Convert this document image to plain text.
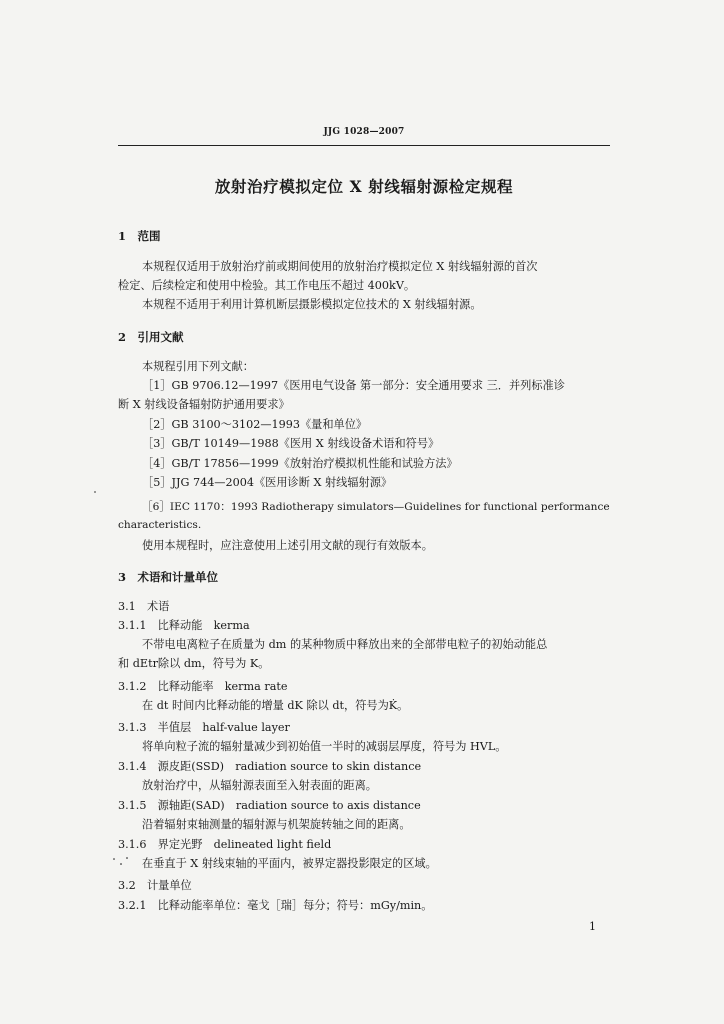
JJG 1028—2007
放射治疗模拟定位 X 射线辐射源检定规程
1　范围
本规程仅适用于放射治疗前或期间使用的放射治疗模拟定位 X 射线辐射源的首次
检定、后续检定和使用中检验。其工作电压不超过 400kV。
本规程不适用于利用计算机断层摄影模拟定位技术的 X 射线辐射源。
2　引用文献
本规程引用下列文献：
［1］GB 9706.12—1997《医用电气设备 第一部分：安全通用要求 三．并列标准诊
断 X 射线设备辐射防护通用要求》
［2］GB 3100～3102—1993《量和单位》
［3］GB/T 10149—1988《医用 X 射线设备术语和符号》
［4］GB/T 17856—1999《放射治疗模拟机性能和试验方法》
［5］JJG 744—2004《医用诊断 X 射线辐射源》
［6］IEC 1170：1993 Radiotherapy simulators—Guidelines for functional performance
characteristics.
使用本规程时，应注意使用上述引用文献的现行有效版本。
3　术语和计量单位
3.1　术语
3.1.1　比释动能　kerma
不带电电离粒子在质量为 dm 的某种物质中释放出来的全部带电粒子的初始动能总
和 dEtr除以 dm，符号为 K。
3.1.2　比释动能率　kerma rate
在 dt 时间内比释动能的增量 dK 除以 dt，符号为K̇。
3.1.3　半值层　half-value layer
将单向粒子流的辐射量减少到初始值一半时的减弱层厚度，符号为 HVL。
3.1.4　源皮距(SSD)　radiation source to skin distance
放射治疗中，从辐射源表面至入射表面的距离。
3.1.5　源轴距(SAD)　radiation source to axis distance
沿着辐射束轴测量的辐射源与机架旋转轴之间的距离。
3.1.6　界定光野　delineated light field
在垂直于 X 射线束轴的平面内，被界定器投影限定的区域。
3.2　计量单位
3.2.1　比释动能率单位：毫戈［瑞］每分；符号：mGy/min。
1
